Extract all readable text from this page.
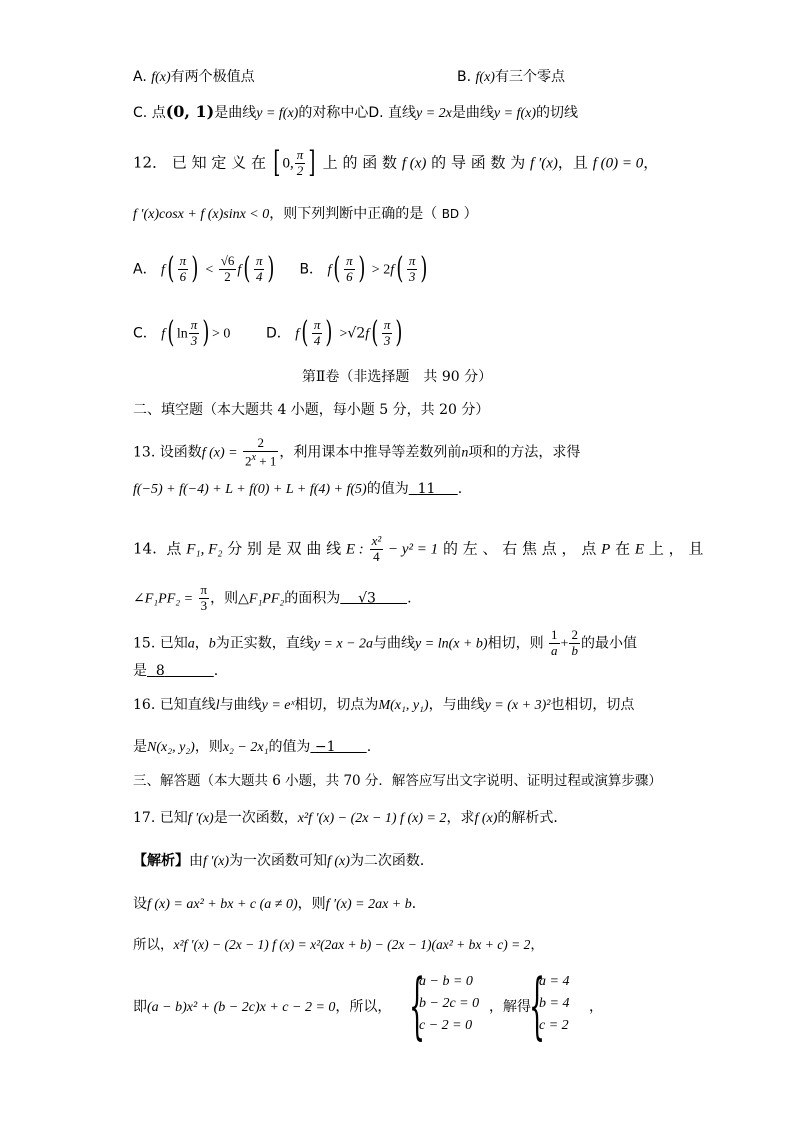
A. f(x)有两个极值点	B. f(x)有三个零点
C. 点(0, 1)是曲线y = f(x)的对称中心D. 直线y = 2x是曲线y = f(x)的切线
12． 已 知 定 义 在 [ 0, $\frac{\pi}{2}$ ] 上 的 函 数 f (x) 的 导 函 数 为 f ′(x)，且 f (0) = 0，
f ′(x)cosx + f (x)sinx < 0，则下列判断中正确的是（ BD ）
A． $f( \frac{\pi}{6}$ ) < $\frac{√6}{2} f( \frac{\pi}{4}$ ) B． $f( \frac{\pi}{6}$ ) > $2f( \frac{\pi}{3}$ )
C． f( $\ln \frac{\pi}{3}$ ) > 0	D． $f( \frac{\pi}{4}$ ) $>√2f( \frac{\pi}{3}$ )
第Ⅱ卷（非选择题　共 90 分）
二、填空题（本大题共 4 小题，每小题 5 分，共 20 分）
13. 设函数f $(x) = \frac{2}{2^x + 1}$ ，利用课本中推导等差数列前n项和的方法，求得
f(−5) + f(−4) + L + f(0) + L + f(4) + f(5)的值为 11 .
14. 点 F₁, F₂ 分 别 是 双 曲 线 E : $\frac{\text{x²}}{4} - y^2 = 1$ 的 左 、 右 焦 点 ， 点 P 在 E 上 ， 且
∠F₁PF₂ = $\frac{\pi}{3}$ ，则△F₁PF₂的面积为 √3 .
15. 已知a，b为正实数，直线y = x − 2a与曲线y = ln(x + b)相切，则 $\frac{1}{a} + \frac{2}{b}$ 的最小值
是 8	.
16. 已知直线l与曲线y = eˣ相切，切点为M(x₁, y₁)，与曲线y = (x + 3)²也相切，切点
是N(x₂, y₂)，则x₂ − 2x₁的值为 −1 .
三、解答题（本大题共 6 小题，共 70 分．解答应写出文字说明、证明过程或演算步骤）
17. 已知f ′(x)是一次函数，x²f ′(x) − (2x − 1) f (x) = 2，求f (x)的解析式．
【解析】由f ′(x)为一次函数可知f (x)为二次函数．
设f (x) = ax² + bx + c (a ≠ 0)，则f ′(x) = 2ax + b．
所以，x²f ′(x) − (2x − 1) f (x) = x²(2ax + b) − (2x − 1)(ax² + bx + c) = 2，
即(a − b)x² + (b − 2c)x + c − 2 = 0，所以， {
a − b = 0
b − 2c = 0
c − 2 = 0
，解得
{
a = 4
b = 4
c = 2
，
